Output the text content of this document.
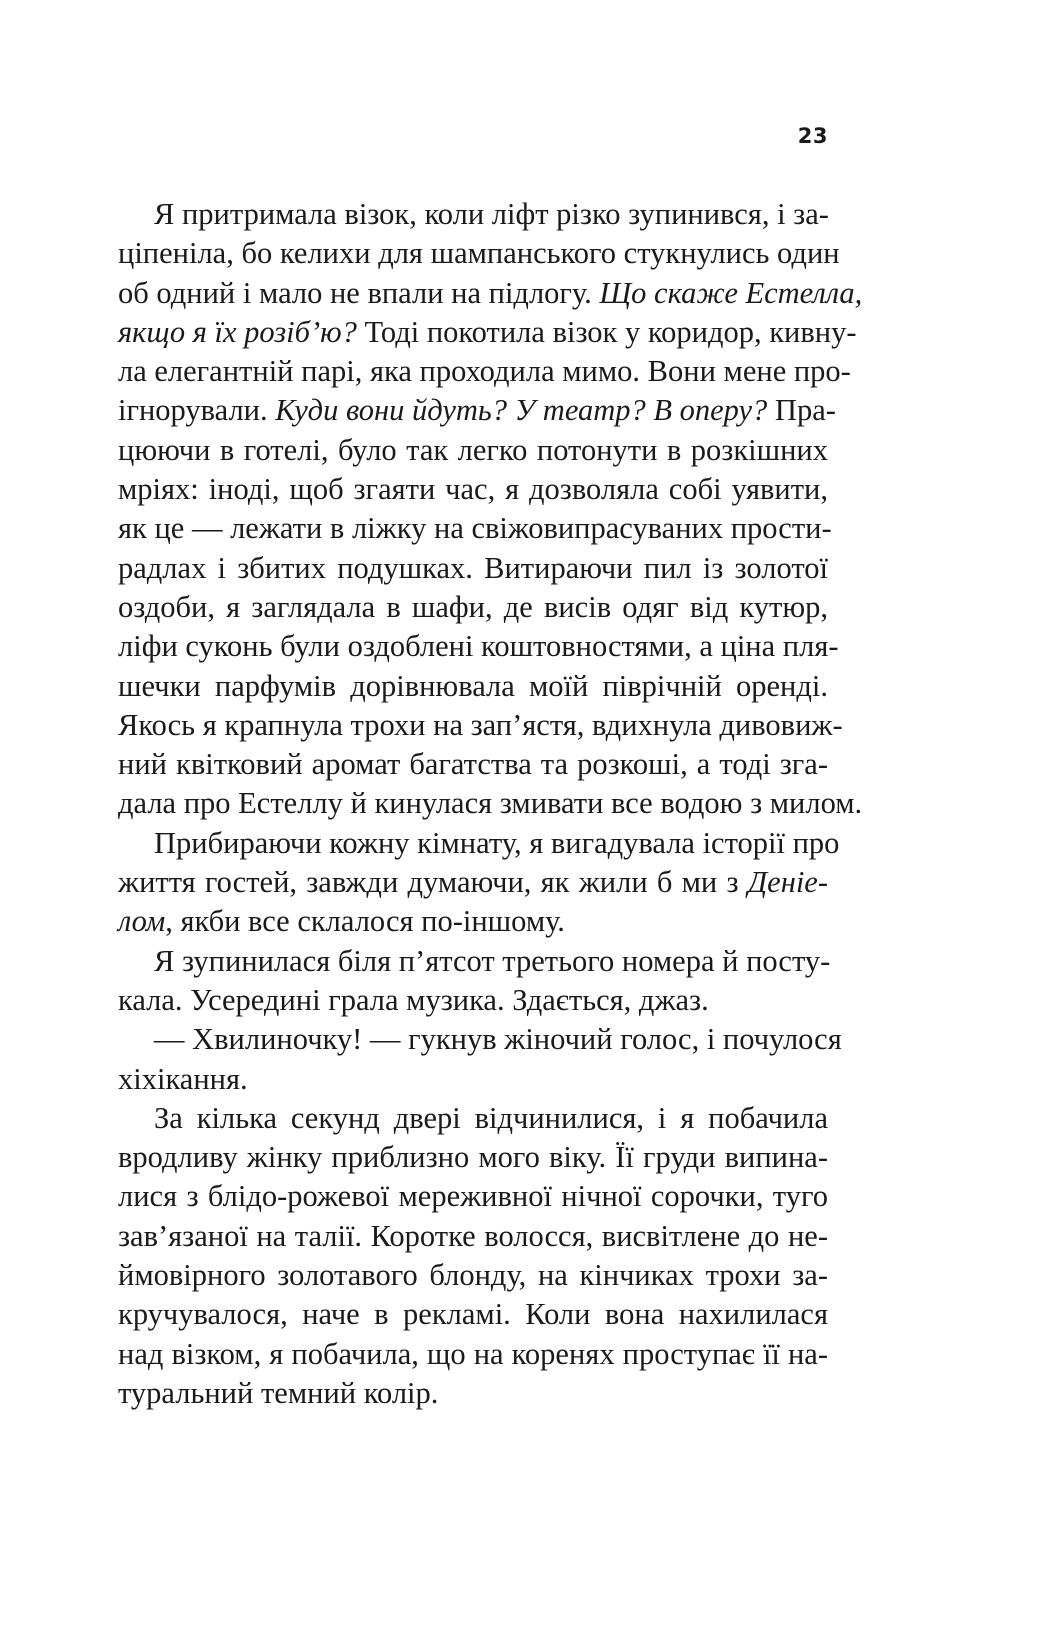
23
Я притримала візок, коли ліфт різко зупинився, і за-
ціпеніла, бо келихи для шампанського стукнулись один
об одний і мало не впали на підлогу. Що скаже Естелла,
якщо я їх розіб’ю? Тоді покотила візок у коридор, кивну-
ла елегантній парі, яка проходила мимо. Вони мене про-
ігнорували. Куди вони йдуть? У театр? В оперу? Пра-
цюючи в готелі, було так легко потонути в розкішних
мріях: іноді, щоб згаяти час, я дозволяла собі уявити,
як це — лежати в ліжку на свіжовипрасуваних прости-
радлах і збитих подушках. Витираючи пил із золотої
оздоби, я заглядала в шафи, де висів одяг від кутюр,
ліфи суконь були оздоблені коштовностями, а ціна пля-
шечки парфумів дорівнювала моїй піврічній оренді.
Якось я крапнула трохи на зап’ястя, вдихнула дивовиж-
ний квітковий аромат багатства та розкоші, а тоді зга-
дала про Естеллу й кинулася змивати все водою з милом.
Прибираючи кожну кімнату, я вигадувала історії про
життя гостей, завжди думаючи, як жили б ми з Деніе-
лом, якби все склалося по-іншому.
Я зупинилася біля п’ятсот третього номера й посту-
кала. Усередині грала музика. Здається, джаз.
— Хвилиночку! — гукнув жіночий голос, і почулося
хіхікання.
За кілька секунд двері відчинилися, і я побачила
вродливу жінку приблизно мого віку. Її груди випина-
лися з блідо-рожевої мереживної нічної сорочки, туго
зав’язаної на талії. Коротке волосся, висвітлене до не-
ймовірного золотавого блонду, на кінчиках трохи за-
кручувалося, наче в рекламі. Коли вона нахилилася
над візком, я побачила, що на коренях проступає її на-
туральний темний колір.
